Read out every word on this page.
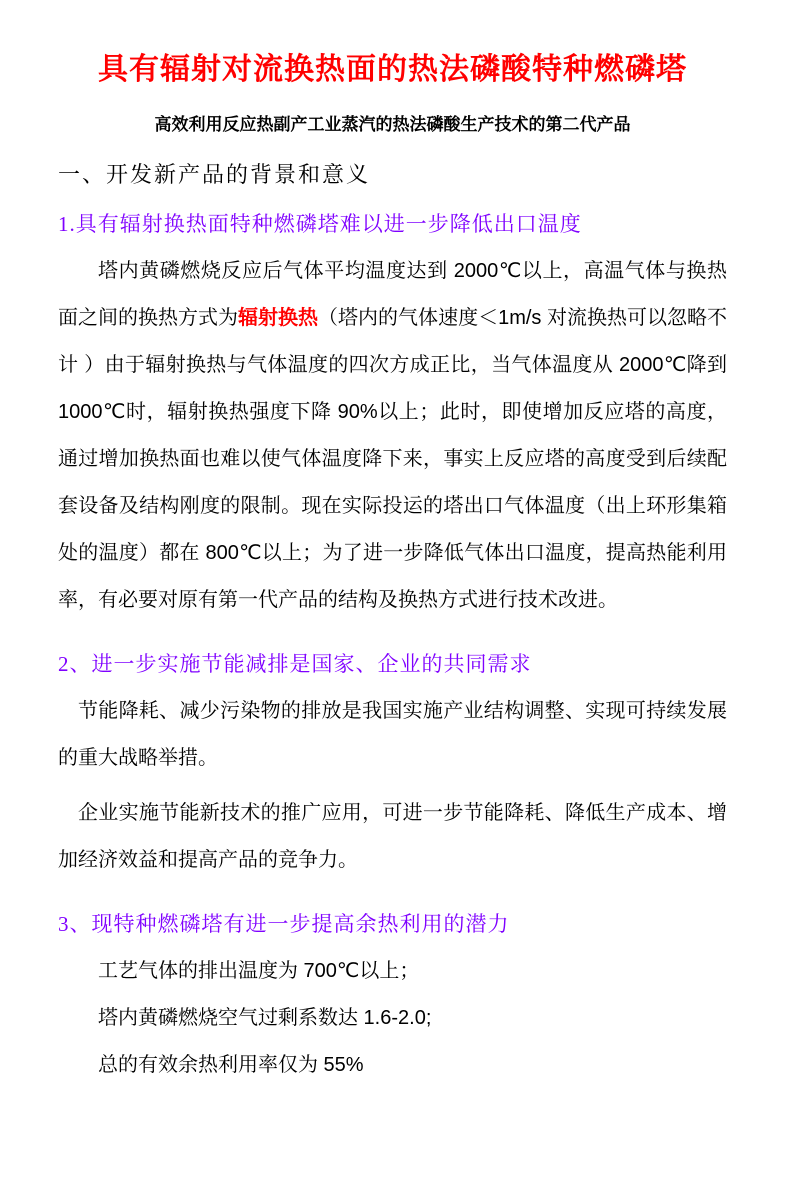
具有辐射对流换热面的热法磷酸特种燃磷塔
高效利用反应热副产工业蒸汽的热法磷酸生产技术的第二代产品
一、开发新产品的背景和意义
1.具有辐射换热面特种燃磷塔难以进一步降低出口温度

塔内黄磷燃烧反应后气体平均温度达到 2000℃以上，高温气体与换热面之间的换热方式为辐射换热（塔内的气体速度＜1m/s 对流换热可以忽略不计 ）由于辐射换热与气体温度的四次方成正比，当气体温度从 2000℃降到 1000℃时，辐射换热强度下降 90%以上；此时，即使增加反应塔的高度，通过增加换热面也难以使气体温度降下来，事实上反应塔的高度受到后续配套设备及结构刚度的限制。现在实际投运的塔出口气体温度（出上环形集箱处的温度）都在 800℃以上；为了进一步降低气体出口温度，提高热能利用率，有必要对原有第一代产品的结构及换热方式进行技术改进。

2、进一步实施节能减排是国家、企业的共同需求

节能降耗、减少污染物的排放是我国实施产业结构调整、实现可持续发展的重大战略举措。

企业实施节能新技术的推广应用，可进一步节能降耗、降低生产成本、增加经济效益和提高产品的竞争力。

3、现特种燃磷塔有进一步提高余热利用的潜力

工艺气体的排出温度为 700℃以上；

塔内黄磷燃烧空气过剩系数达 1.6-2.0;

总的有效余热利用率仅为 55%
